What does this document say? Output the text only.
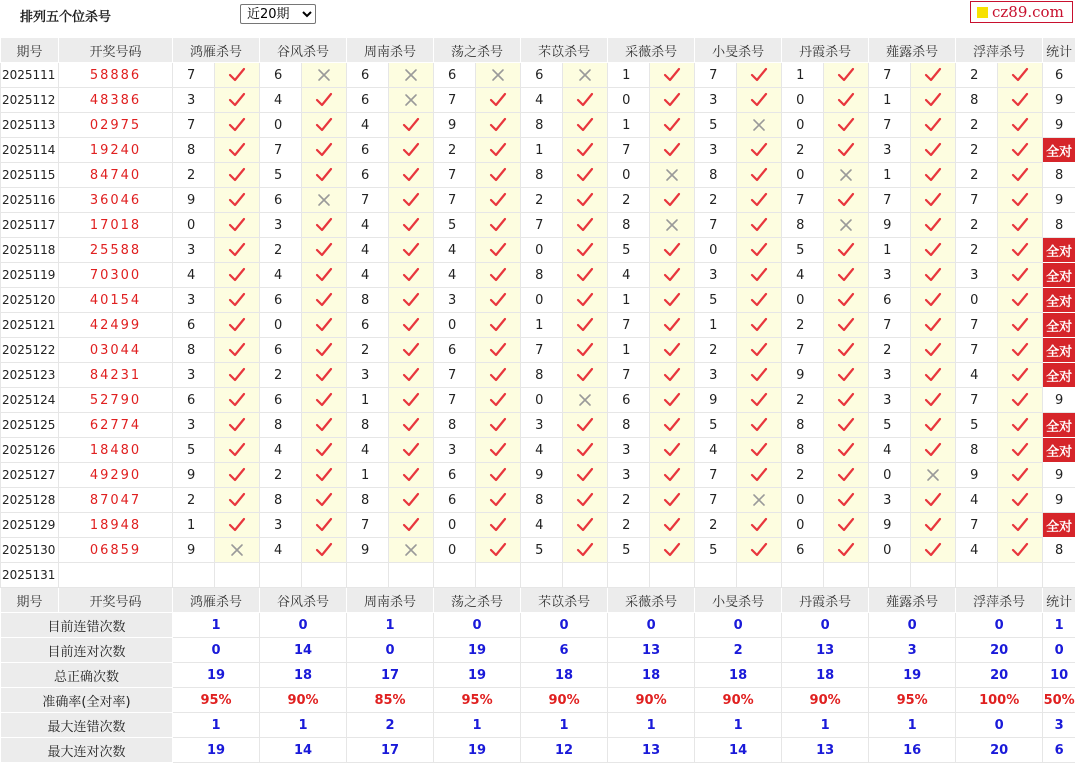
排列五个位杀号
近20期	cz89.com
期号	开奖号码	鸿雁杀号		谷风杀号		周南杀号		荡之杀号		芣苡杀号		采薇杀号		小旻杀号		丹霞杀号		薤露杀号		浮萍杀号		统计
2025111	58886	7		6		6		6		6		1		7		1		7		2		6
2025112	48386	3		4		6		7		4		0		3		0		1		8		9
2025113	02975	7		0		4		9		8		1		5		0		7		2		9
2025114	19240	8		7		6		2		1		7		3		2		3		2		全对
2025115	84740	2		5		6		7		8		0		8		0		1		2		8
2025116	36046	9		6		7		7		2		2		2		7		7		7		9
2025117	17018	0		3		4		5		7		8		7		8		9		2		8
2025118	25588	3		2		4		4		0		5		0		5		1		2		全对
2025119	70300	4		4		4		4		8		4		3		4		3		3		全对
2025120	40154	3		6		8		3		0		1		5		0		6		0		全对
2025121	42499	6		0		6		0		1		7		1		2		7		7		全对
2025122	03044	8		6		2		6		7		1		2		7		2		7		全对
2025123	84231	3		2		3		7		8		7		3		9		3		4		全对
2025124	52790	6		6		1		7		0		6		9		2		3		7		9
2025125	62774	3		8		8		8		3		8		5		8		5		5		全对
2025126	18480	5		4		4		3		4		3		4		8		4		8		全对
2025127	49290	9		2		1		6		9		3		7		2		0		9		9
2025128	87047	2		8		8		6		8		2		7		0		3		4		9
2025129	18948	1		3		7		0		4		2		2		0		9		7		全对
2025130	06859	9		4		9		0		5		5		5		6		0		4		8
2025131	当前期杀号	5		4		3		4		3		3		2		8		2		6		
期号	开奖号码	鸿雁杀号		谷风杀号		周南杀号		荡之杀号		芣苡杀号		采薇杀号		小旻杀号		丹霞杀号		薤露杀号		浮萍杀号		统计
目前连错次数		1		0		1		0		0		0		0		0		0		0		1
目前连对次数		0		14		0		19		6		13		2		13		3		20		0
总正确次数		19		18		17		19		18		18		18		18		19		20		10
准确率(全对率)		95%		90%		85%		95%		90%		90%		90%		90%		95%		100%		50%
最大连错次数		1		1		2		1		1		1		1		1		1		0		3
最大连对次数		19		14		17		19		12		13		14		13		16		20		6
